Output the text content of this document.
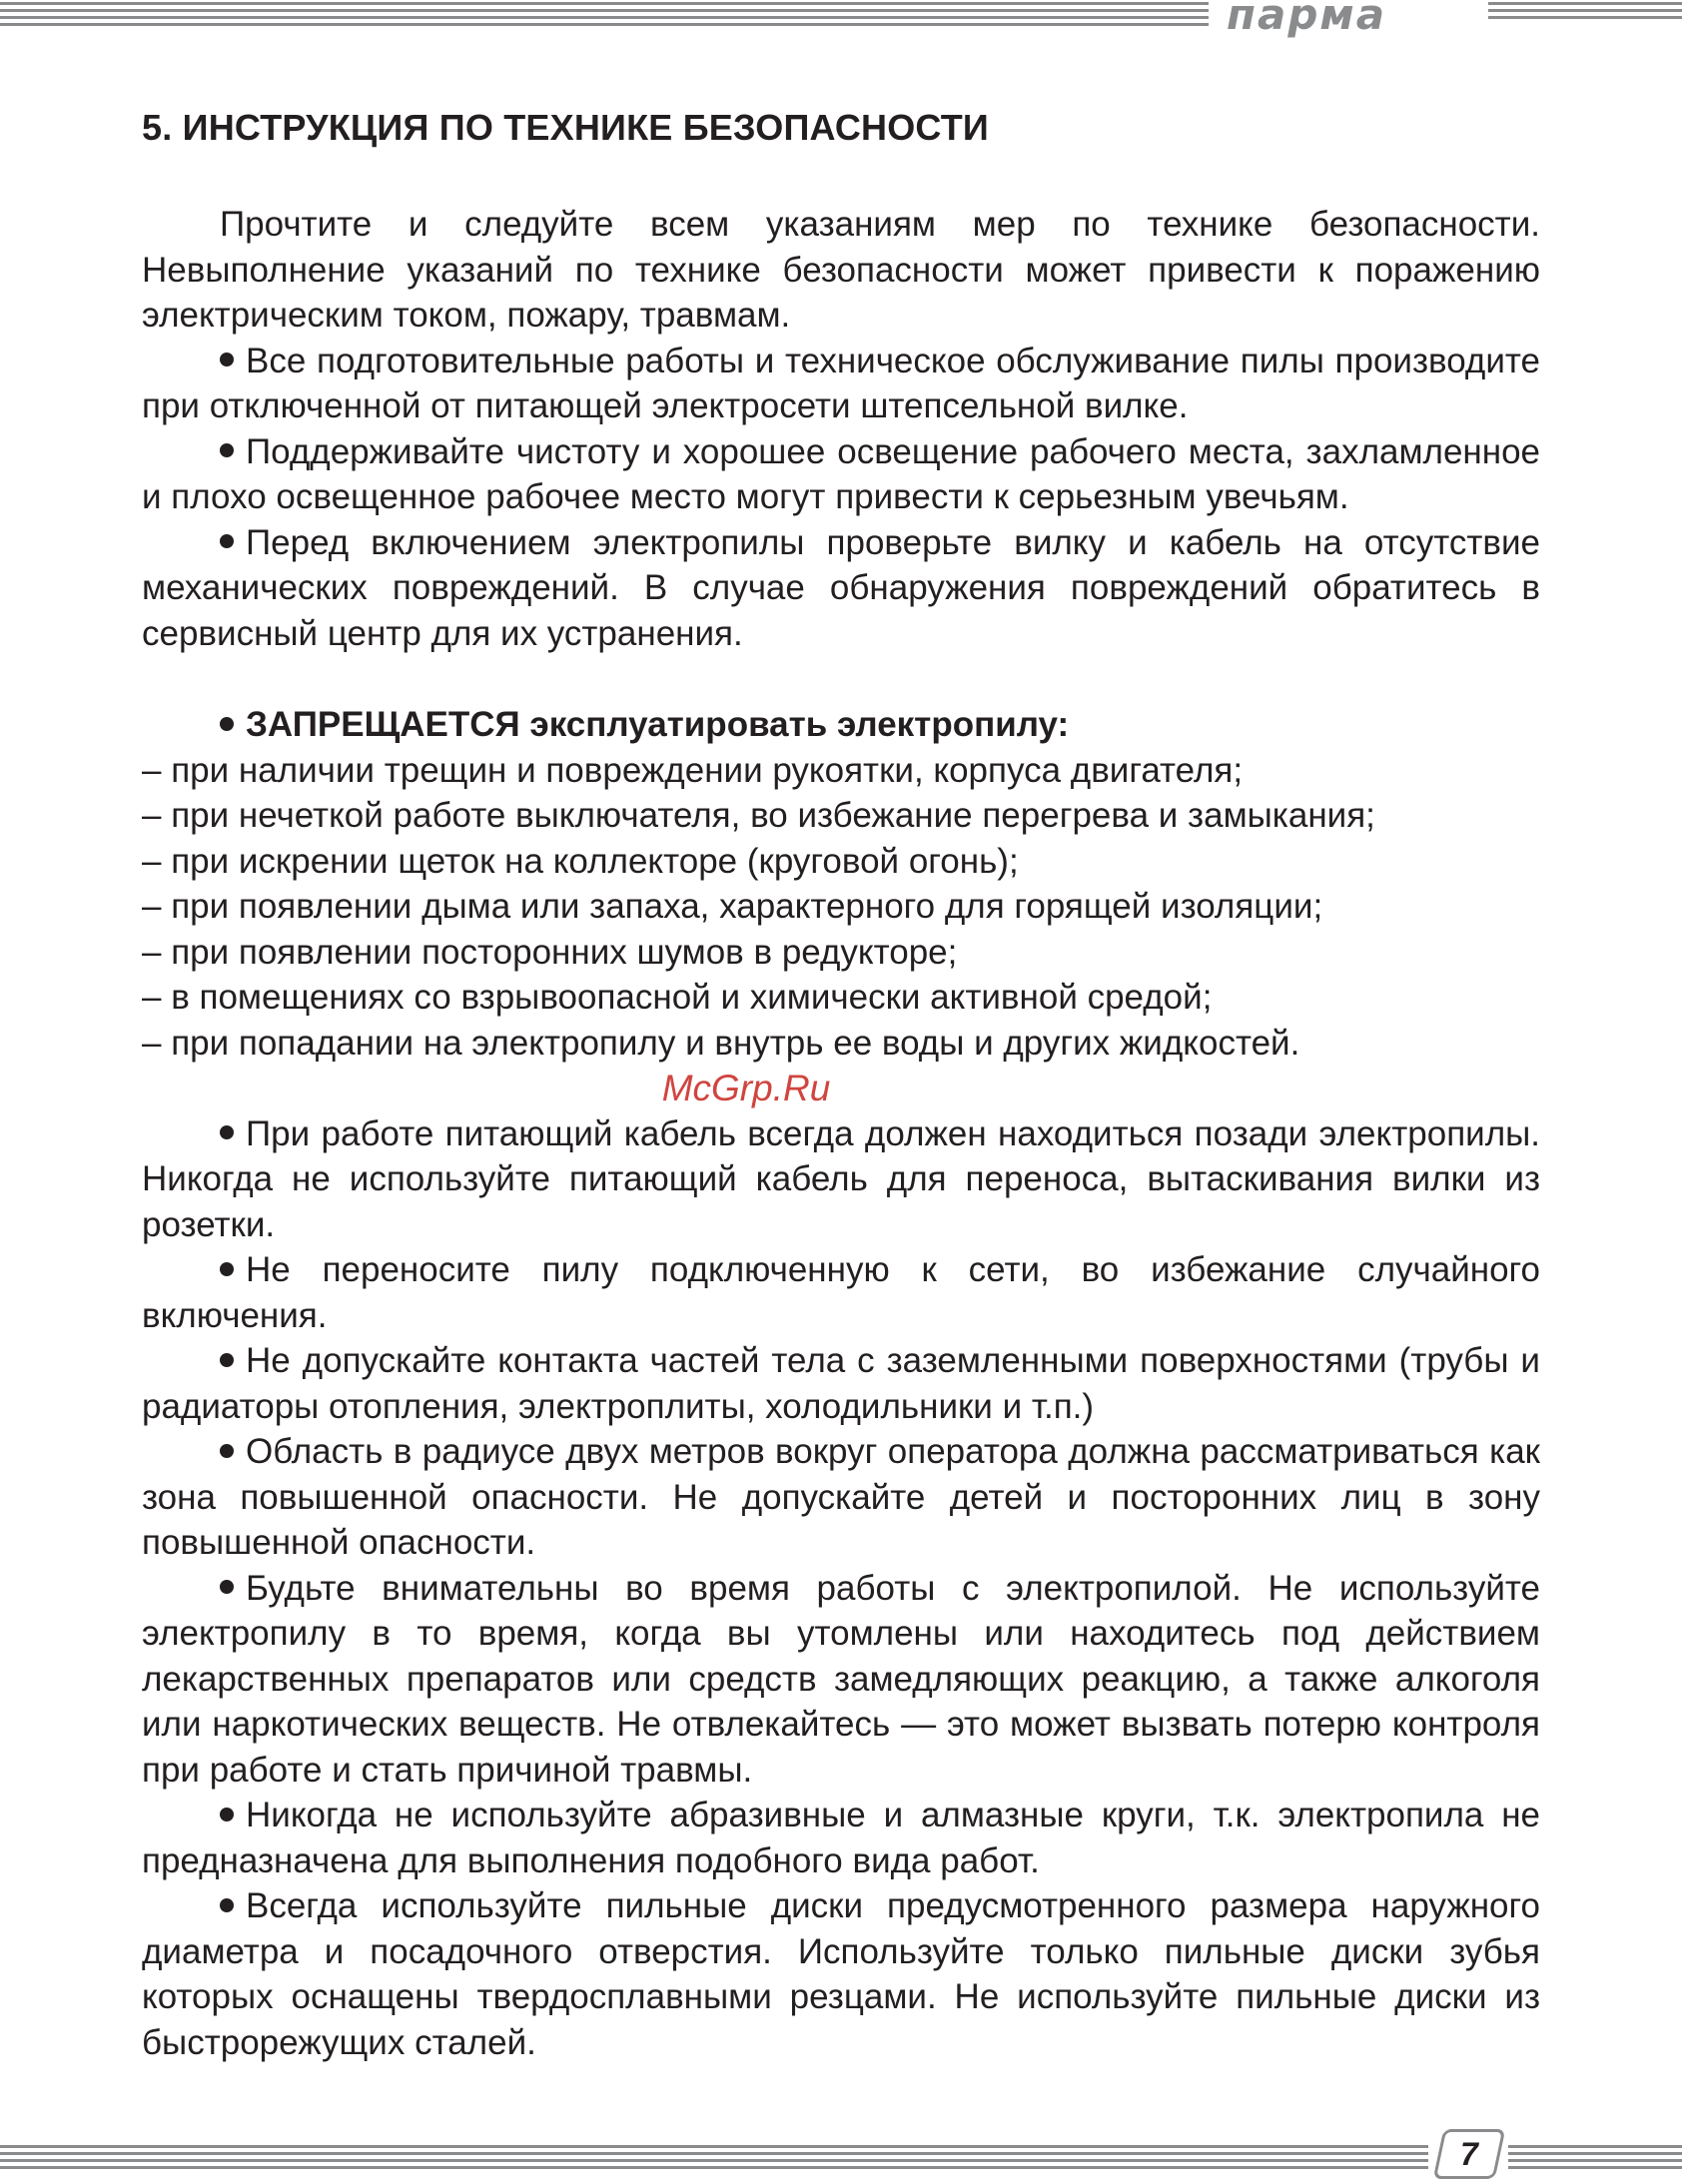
парма
5. ИНСТРУКЦИЯ ПО ТЕХНИКЕ БЕЗОПАСНОСТИ

Прочтите и следуйте всем указаниям мер по технике безопасности. Невыполнение указаний по технике безопасности может привести к поражению электрическим током, пожару, травмам.

Все подготовительные работы и техническое обслуживание пилы производите при отключенной от питающей электросети штепсельной вилке.

Поддерживайте чистоту и хорошее освещение рабочего места, захламленное и плохо освещенное рабочее место могут привести к серьезным увечьям.

Перед включением электропилы проверьте вилку и кабель на отсутствие механических повреждений. В случае обнаружения повреждений обратитесь в сервисный центр для их устранения.

ЗАПРЕЩАЕТСЯ эксплуатировать электропилу:

– при наличии трещин и повреждении рукоятки, корпуса двигателя;
– при нечеткой работе выключателя, во избежание перегрева и замыкания;
– при искрении щеток на коллекторе (круговой огонь);
– при появлении дыма или запаха, характерного для горящей изоляции;
– при появлении посторонних шумов в редукторе;
– в помещениях со взрывоопасной и химически активной средой;
– при попадании на электропилу и внутрь ее воды и других жидкостей.
McGrp.Ru

При работе питающий кабель всегда должен находиться позади электропилы. Никогда не используйте питающий кабель для переноса, вытаскивания вилки из розетки.

Не переносите пилу подключенную к сети, во избежание случайного включения.

Не допускайте контакта частей тела с заземленными поверхностями (трубы и радиаторы отопления, электроплиты, холодильники и т.п.)

Область в радиусе двух метров вокруг оператора должна рассматриваться как зона повышенной опасности. Не допускайте детей и посторонних лиц в зону повышенной опасности.

Будьте внимательны во время работы с электропилой. Не используйте электропилу в то время, когда вы утомлены или находитесь под действием лекарственных препаратов или средств замедляющих реакцию, а также алкоголя или наркотических веществ. Не отвлекайтесь — это может вызвать потерю контроля при работе и стать причиной травмы.

Никогда не используйте абразивные и алмазные круги, т.к. электропила не предназначена для выполнения подобного вида работ.

Всегда используйте пильные диски предусмотренного размера наружного диаметра и посадочного отверстия. Используйте только пильные диски зубья которых оснащены твердосплавными резцами. Не используйте пильные диски из быстрорежущих сталей.

7
